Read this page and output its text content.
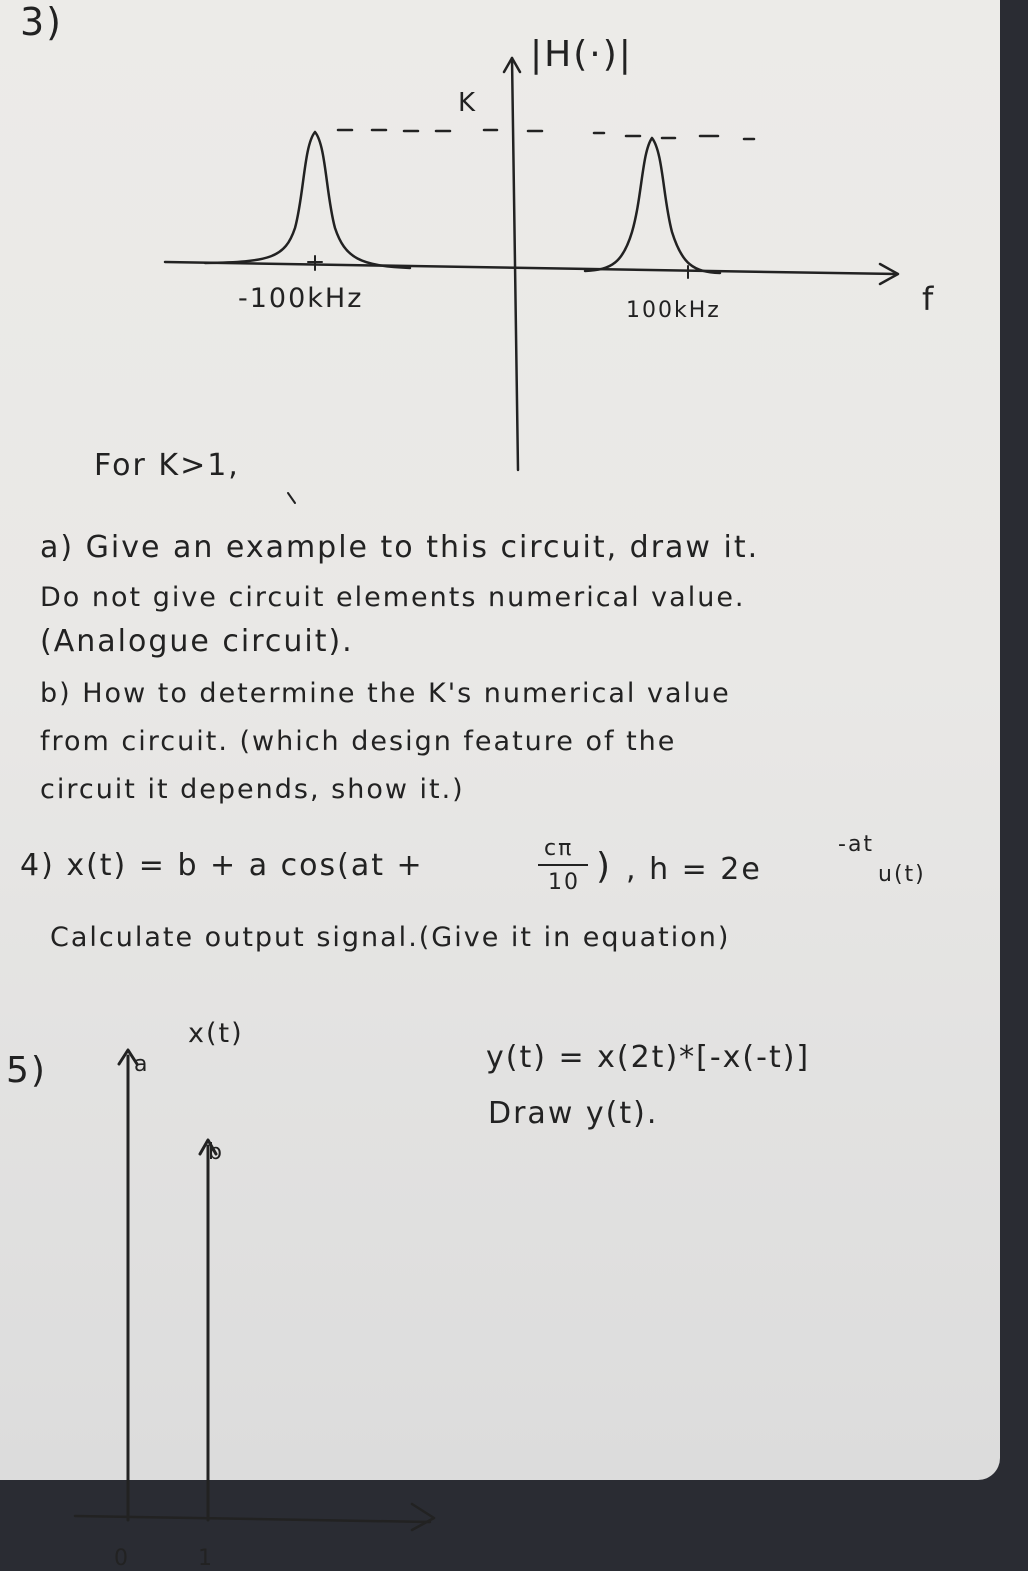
3)
|H(·)|
K
-100kHz	100kHz	f
For K>1,
a) Give an example to this circuit, draw it.
Do not give circuit elements numerical value.
(Analogue circuit).
b) How to determine the K's numerical value
from circuit. (which design feature of the
circuit it depends, show it.)
4) x(t) = b + a cos(at +	cπ
10 ) , h = 2e
-at
u(t)
Calculate output signal.(Give it in equation)
5)
x(t)
a
b
0	1
y(t) = x(2t)*[-x(-t)]
Draw y(t).
